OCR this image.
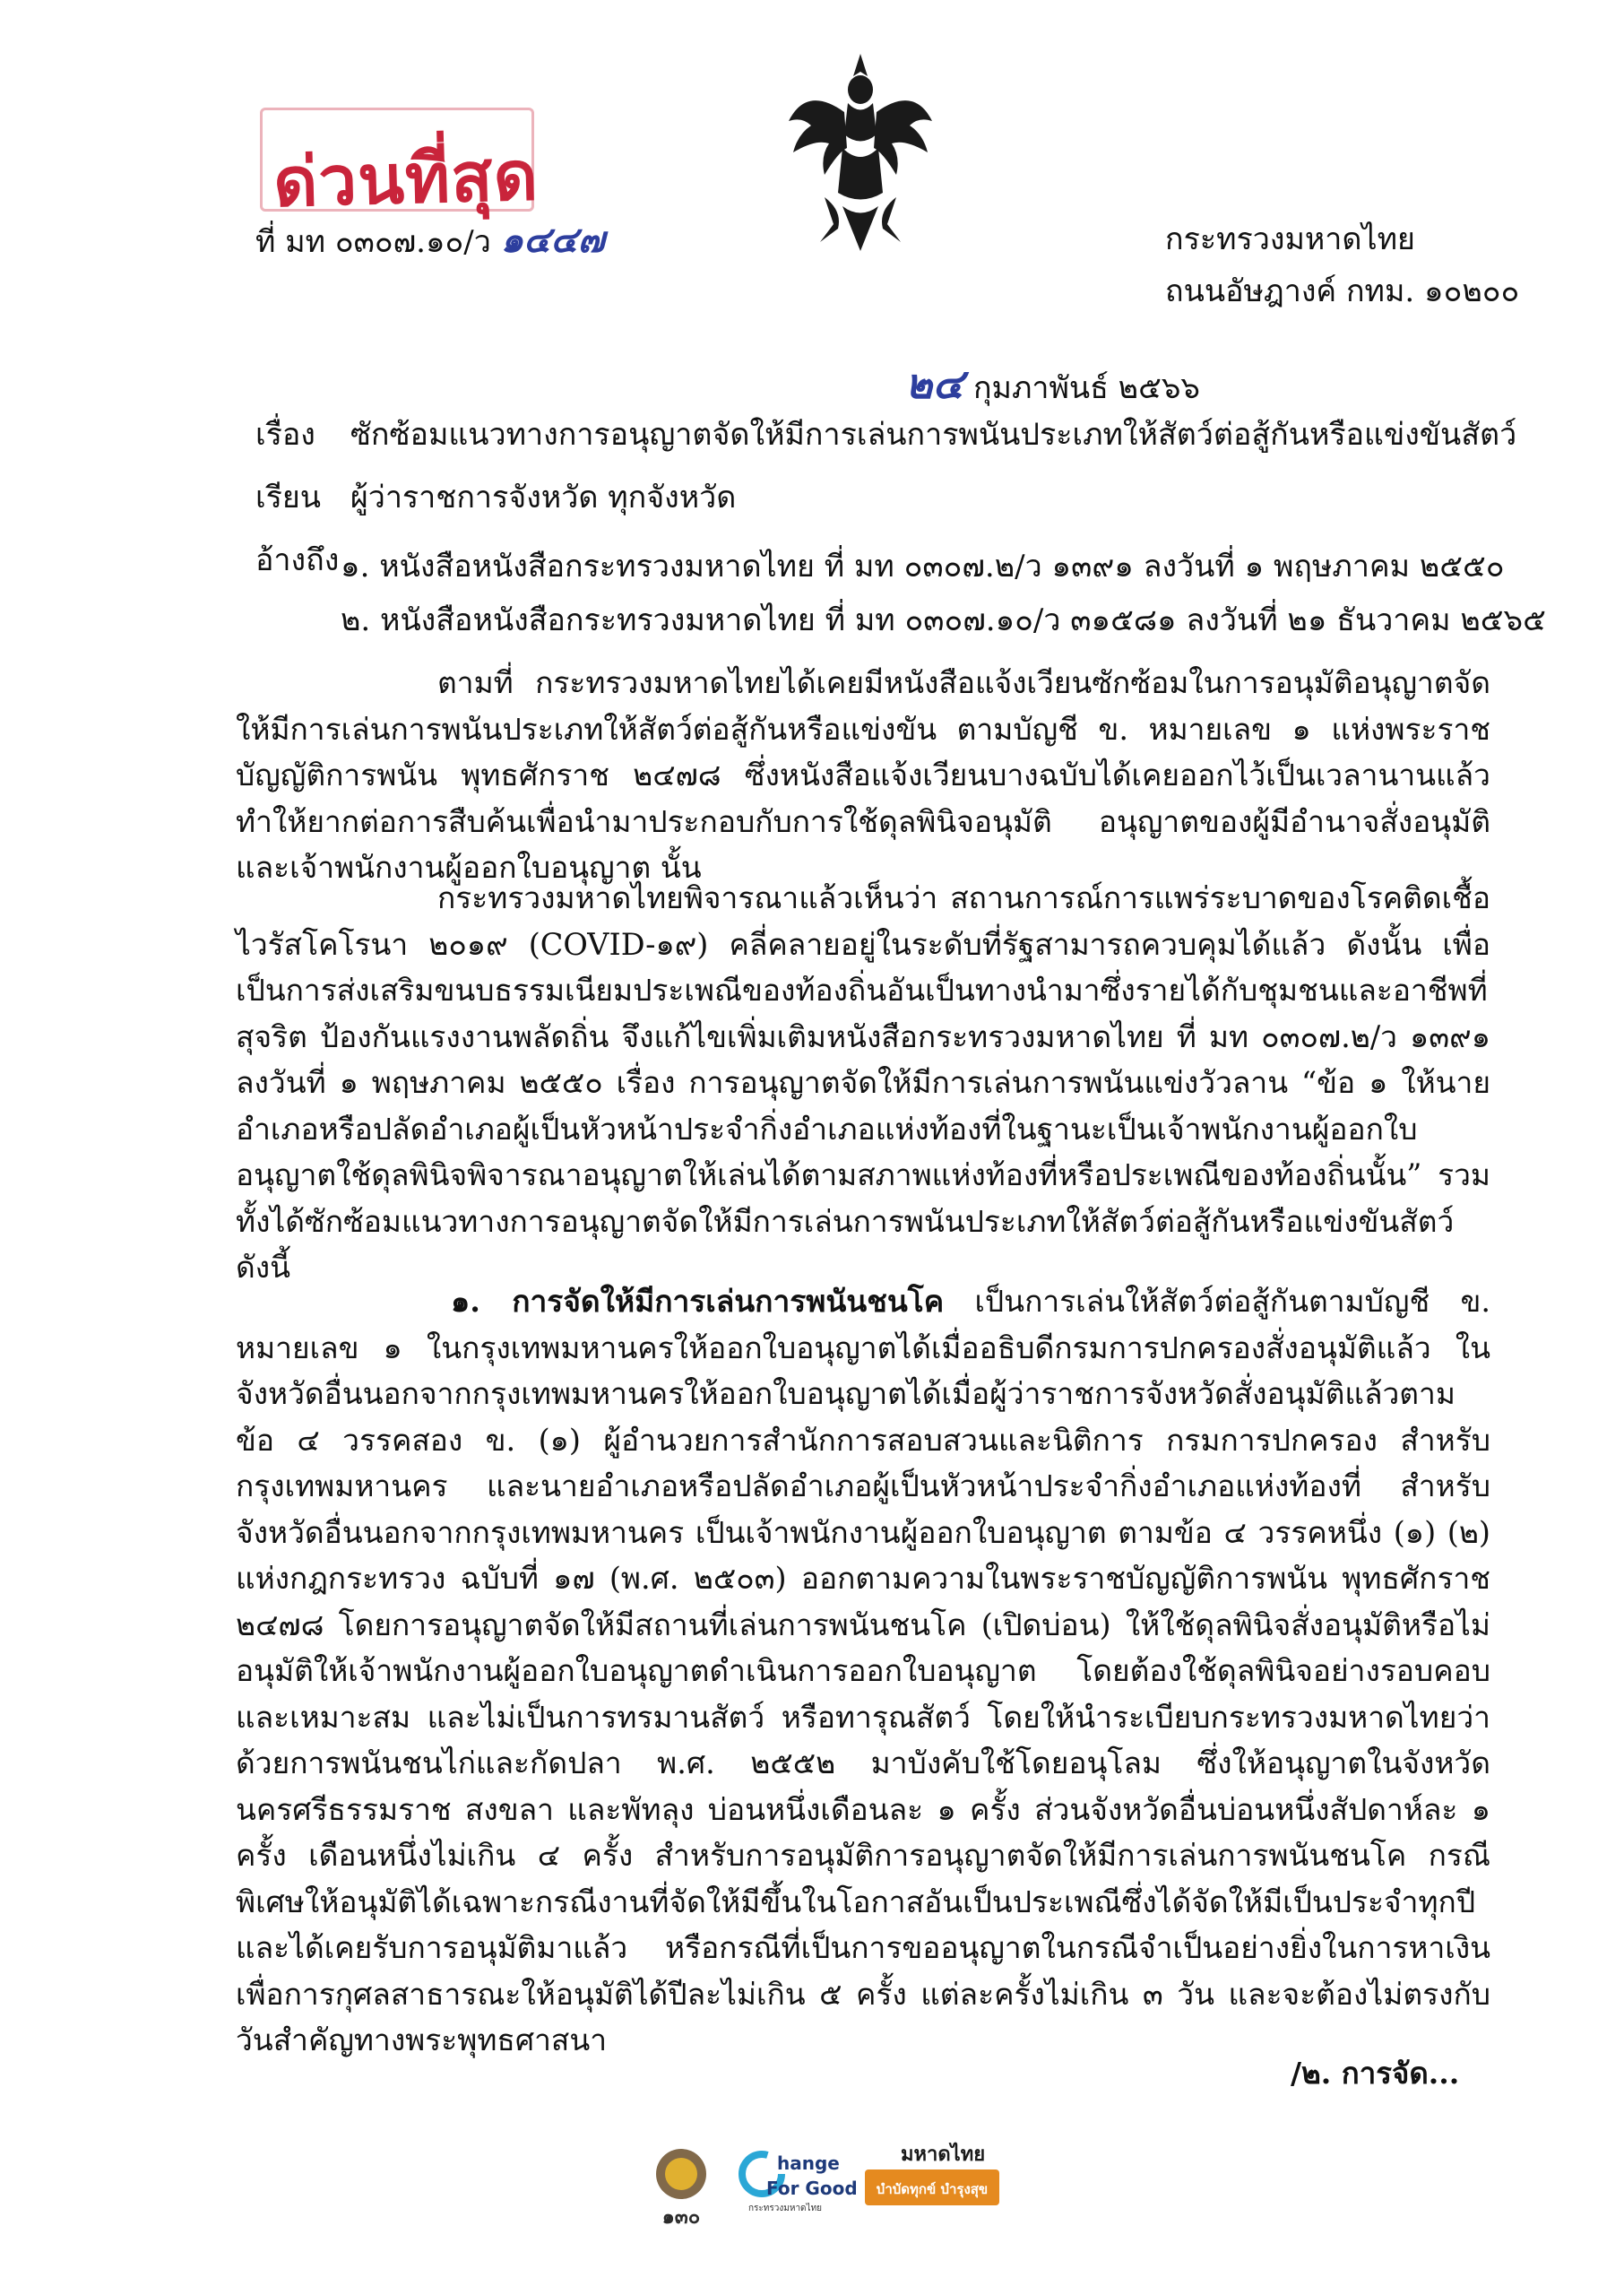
ด่วนที่สุด
ที่ มท ๐๓๐๗.๑๐/ว ๑๔๔๗	กระทรวงมหาดไทย
ถนนอัษฎางค์ กทม. ๑๐๒๐๐
๒๔ กุมภาพันธ์ ๒๕๖๖
เรื่อง ซักซ้อมแนวทางการอนุญาตจัดให้มีการเล่นการพนันประเภทให้สัตว์ต่อสู้กันหรือแข่งขันสัตว์
เรียน ผู้ว่าราชการจังหวัด ทุกจังหวัด
อ้างถึง ๑. หนังสือหนังสือกระทรวงมหาดไทย ที่ มท ๐๓๐๗.๒/ว ๑๓๙๑ ลงวันที่ ๑ พฤษภาคม ๒๕๕๐
๒. หนังสือหนังสือกระทรวงมหาดไทย ที่ มท ๐๓๐๗.๑๐/ว ๓๑๕๘๑ ลงวันที่ ๒๑ ธันวาคม ๒๕๖๕

ตามที่ กระทรวงมหาดไทยได้เคยมีหนังสือแจ้งเวียนซักซ้อมในการอนุมัติอนุญาตจัดให้มีการเล่นการพนันประเภทให้สัตว์ต่อสู้กันหรือแข่งขัน ตามบัญชี ข. หมายเลข ๑ แห่งพระราชบัญญัติการพนัน พุทธศักราช ๒๔๗๘ ซึ่งหนังสือแจ้งเวียนบางฉบับได้เคยออกไว้เป็นเวลานานแล้ว ทำให้ยากต่อการสืบค้นเพื่อนำมาประกอบกับการใช้ดุลพินิจอนุมัติ อนุญาตของผู้มีอำนาจสั่งอนุมัติ และเจ้าพนักงานผู้ออกใบอนุญาต นั้น

กระทรวงมหาดไทยพิจารณาแล้วเห็นว่า สถานการณ์การแพร่ระบาดของโรคติดเชื้อไวรัสโคโรนา ๒๐๑๙ (COVID-๑๙) คลี่คลายอยู่ในระดับที่รัฐสามารถควบคุมได้แล้ว ดังนั้น เพื่อเป็นการส่งเสริมขนบธรรมเนียมประเพณีของท้องถิ่นอันเป็นทางนำมาซึ่งรายได้กับชุมชนและอาชีพที่สุจริต ป้องกันแรงงานพลัดถิ่น จึงแก้ไขเพิ่มเติมหนังสือกระทรวงมหาดไทย ที่ มท ๐๓๐๗.๒/ว ๑๓๙๑ ลงวันที่ ๑ พฤษภาคม ๒๕๕๐ เรื่อง การอนุญาตจัดให้มีการเล่นการพนันแข่งวัวลาน “ข้อ ๑ ให้นายอำเภอหรือปลัดอำเภอผู้เป็นหัวหน้าประจำกิ่งอำเภอแห่งท้องที่ในฐานะเป็นเจ้าพนักงานผู้ออกใบอนุญาตใช้ดุลพินิจพิจารณาอนุญาตให้เล่นได้ตามสภาพแห่งท้องที่หรือประเพณีของท้องถิ่นนั้น” รวมทั้งได้ซักซ้อมแนวทางการอนุญาตจัดให้มีการเล่นการพนันประเภทให้สัตว์ต่อสู้กันหรือแข่งขันสัตว์ ดังนี้

๑. การจัดให้มีการเล่นการพนันชนโค เป็นการเล่นให้สัตว์ต่อสู้กันตามบัญชี ข. หมายเลข ๑ ในกรุงเทพมหานครให้ออกใบอนุญาตได้เมื่ออธิบดีกรมการปกครองสั่งอนุมัติแล้ว ในจังหวัดอื่นนอกจากกรุงเทพมหานครให้ออกใบอนุญาตได้เมื่อผู้ว่าราชการจังหวัดสั่งอนุมัติแล้วตามข้อ ๔ วรรคสอง ข. (๑) ผู้อำนวยการสำนักการสอบสวนและนิติการ กรมการปกครอง สำหรับกรุงเทพมหานคร และนายอำเภอหรือปลัดอำเภอผู้เป็นหัวหน้าประจำกิ่งอำเภอแห่งท้องที่ สำหรับจังหวัดอื่นนอกจากกรุงเทพมหานคร เป็นเจ้าพนักงานผู้ออกใบอนุญาต ตามข้อ ๔ วรรคหนึ่ง (๑) (๒) แห่งกฎกระทรวง ฉบับที่ ๑๗ (พ.ศ. ๒๕๐๓) ออกตามความในพระราชบัญญัติการพนัน พุทธศักราช ๒๔๗๘ โดยการอนุญาตจัดให้มีสถานที่เล่นการพนันชนโค (เปิดบ่อน) ให้ใช้ดุลพินิจสั่งอนุมัติหรือไม่อนุมัติให้เจ้าพนักงานผู้ออกใบอนุญาตดำเนินการออกใบอนุญาต โดยต้องใช้ดุลพินิจอย่างรอบคอบและเหมาะสม และไม่เป็นการทรมานสัตว์ หรือทารุณสัตว์ โดยให้นำระเบียบกระทรวงมหาดไทยว่าด้วยการพนันชนไก่และกัดปลา พ.ศ. ๒๕๕๒ มาบังคับใช้โดยอนุโลม ซึ่งให้อนุญาตในจังหวัดนครศรีธรรมราช สงขลา และพัทลุง บ่อนหนึ่งเดือนละ ๑ ครั้ง ส่วนจังหวัดอื่นบ่อนหนึ่งสัปดาห์ละ ๑ ครั้ง เดือนหนึ่งไม่เกิน ๔ ครั้ง สำหรับการอนุมัติการอนุญาตจัดให้มีการเล่นการพนันชนโค กรณีพิเศษให้อนุมัติได้เฉพาะกรณีงานที่จัดให้มีขึ้นในโอกาสอันเป็นประเพณีซึ่งได้จัดให้มีเป็นประจำทุกปี และได้เคยรับการอนุมัติมาแล้ว หรือกรณีที่เป็นการขออนุญาตในกรณีจำเป็นอย่างยิ่งในการหาเงินเพื่อการกุศลสาธารณะให้อนุมัติได้ปีละไม่เกิน ๕ ครั้ง แต่ละครั้งไม่เกิน ๓ วัน และจะต้องไม่ตรงกับวันสำคัญทางพระพุทธศาสนา

/๒. การจัด...
๑๓๐
hange
For Good
กระทรวงมหาดไทย
มหาดไทย
บำบัดทุกข์ บำรุงสุข
